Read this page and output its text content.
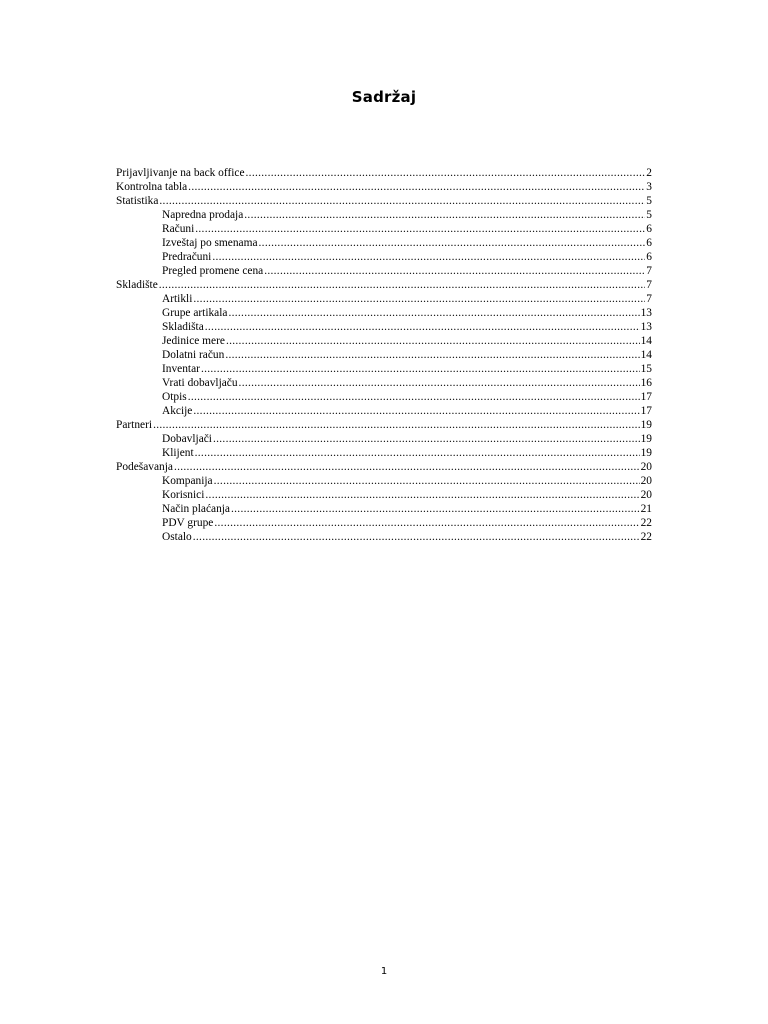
Sadržaj
Prijavljivanje na back office .....	2
Kontrolna tabla .....	3
Statistika .....	5
Napredna prodaja .....	5
Računi .....	6
Izveštaj po smenama .....	6
Predračuni .....	6
Pregled promene cena .....	7
Skladište .....	7
Artikli .....	7
Grupe artikala .....	13
Skladišta .....	13
Jedinice mere .....	14
Dolatni račun .....	14
Inventar .....	15
Vrati dobavljaču .....	16
Otpis .....	17
Akcije .....	17
Partneri .....	19
Dobavljači .....	19
Klijent .....	19
Podešavanja .....	20
Kompanija .....	20
Korisnici .....	20
Način plaćanja .....	21
PDV grupe .....	22
Ostalo .....	22
1
